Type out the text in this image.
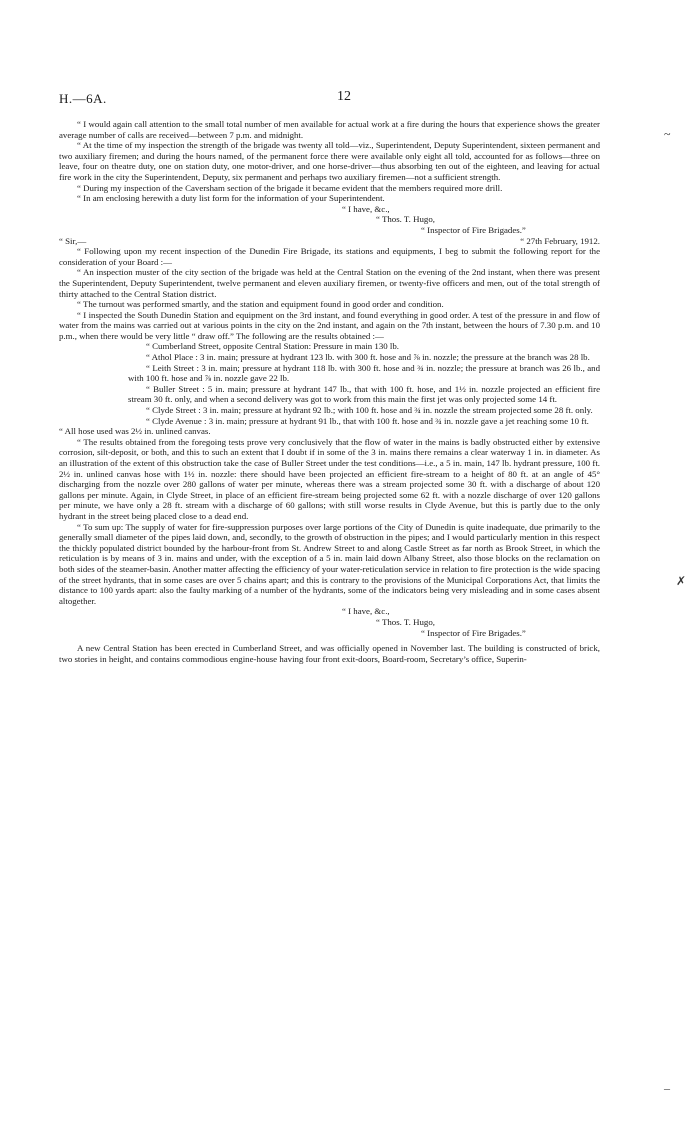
H.—6A.	12

“ I would again call attention to the small total number of men available for actual work at a fire during the hours that experience shows the greater average number of calls are received—between 7 p.m. and midnight.

“ At the time of my inspection the strength of the brigade was twenty all told—viz., Superintendent, Deputy Superintendent, sixteen permanent and two auxiliary firemen; and during the hours named, of the permanent force there were available only eight all told, accounted for as follows—three on leave, four on theatre duty, one on station duty, one motor-driver, and one horse-driver—thus absorbing ten out of the eighteen, and leaving for actual fire work in the city the Superintendent, Deputy, six permanent and perhaps two auxiliary firemen—not a sufficient strength.

“ During my inspection of the Caversham section of the brigade it became evident that the members required more drill.

“ In am enclosing herewith a duty list form for the information of your Superintendent.

“ I have, &c.,
“ Thos. T. Hugo,
“ Inspector of Fire Brigades.”
“ Sir,—	“ 27th February, 1912.

“ Following upon my recent inspection of the Dunedin Fire Brigade, its stations and equipments, I beg to submit the following report for the consideration of your Board :—

“ An inspection muster of the city section of the brigade was held at the Central Station on the evening of the 2nd instant, when there was present the Superintendent, Deputy Superintendent, twelve permanent and eleven auxiliary firemen, or twenty-five officers and men, out of the total strength of thirty attached to the Central Station district.

“ The turnout was performed smartly, and the station and equipment found in good order and condition.

“ I inspected the South Dunedin Station and equipment on the 3rd instant, and found everything in good order. A test of the pressure in and flow of water from the mains was carried out at various points in the city on the 2nd instant, and again on the 7th instant, between the hours of 7.30 p.m. and 10 p.m., when there would be very little “ draw off.” The following are the results obtained :—

“ Cumberland Street, opposite Central Station: Pressure in main 130 lb.

“ Athol Place : 3 in. main; pressure at hydrant 123 lb. with 300 ft. hose and ⅞ in. nozzle; the pressure at the branch was 28 lb.

“ Leith Street : 3 in. main; pressure at hydrant 118 lb. with 300 ft. hose and ¾ in. nozzle; the pressure at branch was 26 lb., and with 100 ft. hose and ⅞ in. nozzle gave 22 lb.

“ Buller Street : 5 in. main; pressure at hydrant 147 lb., that with 100 ft. hose, and 1½ in. nozzle projected an efficient fire stream 30 ft. only, and when a second delivery was got to work from this main the first jet was only projected some 14 ft.

“ Clyde Street : 3 in. main; pressure at hydrant 92 lb.; with 100 ft. hose and ¾ in. nozzle the stream projected some 28 ft. only.

“ Clyde Avenue : 3 in. main; pressure at hydrant 91 lb., that with 100 ft. hose and ¾ in. nozzle gave a jet reaching some 10 ft.

“ All hose used was 2½ in. unlined canvas.

“ The results obtained from the foregoing tests prove very conclusively that the flow of water in the mains is badly obstructed either by extensive corrosion, silt-deposit, or both, and this to such an extent that I doubt if in some of the 3 in. mains there remains a clear waterway 1 in. in diameter. As an illustration of the extent of this obstruction take the case of Buller Street under the test conditions—i.e., a 5 in. main, 147 lb. hydrant pressure, 100 ft. 2½ in. unlined canvas hose with 1½ in. nozzle: there should have been projected an efficient fire-stream to a height of 80 ft. at an angle of 45° discharging from the nozzle over 280 gallons of water per minute, whereas there was a stream projected some 30 ft. with a discharge of about 120 gallons per minute. Again, in Clyde Street, in place of an efficient fire-stream being projected some 62 ft. with a nozzle discharge of over 120 gallons per minute, we have only a 28 ft. stream with a discharge of 60 gallons; with still worse results in Clyde Avenue, but this is partly due to the only hydrant in the street being placed close to a dead end.

“ To sum up: The supply of water for fire-suppression purposes over large portions of the City of Dunedin is quite inadequate, due primarily to the generally small diameter of the pipes laid down, and, secondly, to the growth of obstruction in the pipes; and I would particularly mention in this respect the thickly populated district bounded by the harbour-front from St. Andrew Street to and along Castle Street as far north as Brook Street, in which the reticulation is by means of 3 in. mains and under, with the exception of a 5 in. main laid down Albany Street, also those blocks on the reclamation on both sides of the steamer-basin. Another matter affecting the efficiency of your water-reticulation service in relation to fire protection is the wide spacing of the street hydrants, that in some cases are over 5 chains apart; and this is contrary to the provisions of the Municipal Corporations Act, that limits the distance to 100 yards apart: also the faulty marking of a number of the hydrants, some of the indicators being very misleading and in some cases absent altogether.

“ I have, &c.,
“ Thos. T. Hugo,
“ Inspector of Fire Brigades.”

A new Central Station has been erected in Cumberland Street, and was officially opened in November last. The building is constructed of brick, two stories in height, and contains commodious engine-house having four front exit-doors, Board-room, Secretary’s office, Superin-

~
✗
–
